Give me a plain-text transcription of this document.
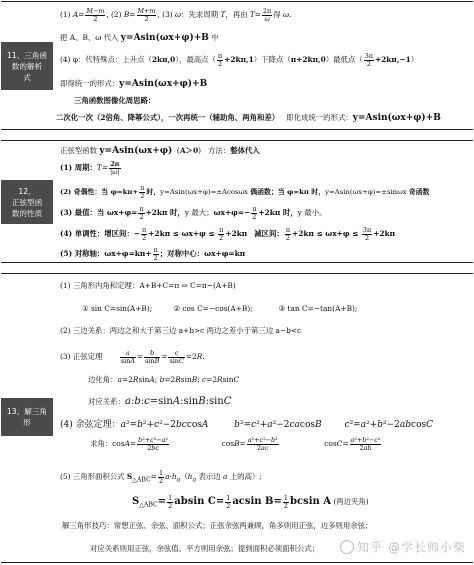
11、三角函
数的解析
式
(1) $A= \frac{M-m}{2}$ , (2) $B= \frac{M+m}{2}$ , (3) ω：先求周期 T，再由 $T= \frac{2\pi}{\omega}$ 得 ω.
把 A、B、ω 代入 y=Asin(ωx+φ)+B 中
(4) φ：代特殊点：上升点（2kπ,0），最高点（ $\frac{\pi}{2} +2k\pi,1$）下降点（π+2kπ,0）最低点（ $\frac{3\pi}{2} +2k\pi,-1$）
即得统一的形式：y=Asin(ωx+φ)+B
三角函数图像化周思路：
二次化一次（2倍角、降幂公式），一次再统一（辅助角、两角和差）   即化成统一的形式：y=Asin(ωx+φ)+B
12、
正弦型函
数的性质
正弦型函数 y=Asin(ωx+φ)  (A＞0)   方法：整体代入
(1) 周期：$T= \frac{2\pi}{|\omega|}$
(2) 奇偶性：当 $\varphi=k\pi+ \frac{\pi}{2}$ 时，y=Asin(ωx+φ)=±Acosωx 偶函数；当 φ=kπ 时，y=Asin(ωx+φ)=±sinωx 奇函数
(3) 最值：当 $\omega x+\varphi= \frac{\pi}{2} +2k\pi$ 时，y 最大；$\omega x+\varphi=- \frac{\pi}{2} +2k\pi$ 时，y 最小。
(4) 单调性：增区间：− $\frac{\pi}{2} +2k\pi \le \omega x+\varphi \le \frac{\pi}{2} +2k\pi$ 减区间： $\frac{\pi}{2} +2k\pi \le \omega x+\varphi \le \frac{3\pi}{2} +2k\pi$
(5) 对称轴：$\omega x+\varphi=k\pi+ \frac{\pi}{2}$ ；对称中心：ωx+φ=kπ
13、解三角
形
(1) 三角形内角和定理：A+B+C=π ⇔ C=π−(A+B)
① sin C=sin(A+B);         ② cos C=−cos(A+B);           ③ tan C=−tan(A+B);
(2) 三边关系：两边之和大于第三边 a+b>c 两边之差小于第三边 a−b<c
(3) 正弦定理 $\frac{a}{\sin A} = \frac{b}{\sin B} = \frac{c}{\sin C} =2R$.
边化角：a=2RsinA; b=2RsinB; c=2RsinC
对应关系：a:b:c=sinA:sinB:sinC
(4) 余弦定理：a²=b²+c²−2bccosA	b²=c²+a²−2cacosB	c²=a²+b²−2abcosC
求角：$\cos A= \frac{\text{b²+c²−a²}}{2bc} \cos B= \frac{\text{a²+c²−b²}}{2ac} \cos C= \frac{\text{a²+b²−c²}}{2ab}$
(5) 三角形面积公式 $S_{\triangle ABC}= \frac{1}{2} a\cdot h_a(h_a$ 表示边 a 上的高）;
$S_{\triangle ABC}= \frac{1}{2}$ absin $C= \frac{1}{2}$ acsin $B= \frac{1}{2}$ bcsin A (两边夹角)
解三角形技巧：常想正弦、余弦、面积公式；正弦余弦两兼顾，角多则用正弦，边多则用余弦；
对应关系则用正弦，余弦值、平方则用余弦；提到面积必须面积公式；	知乎 @学长帅小柴
